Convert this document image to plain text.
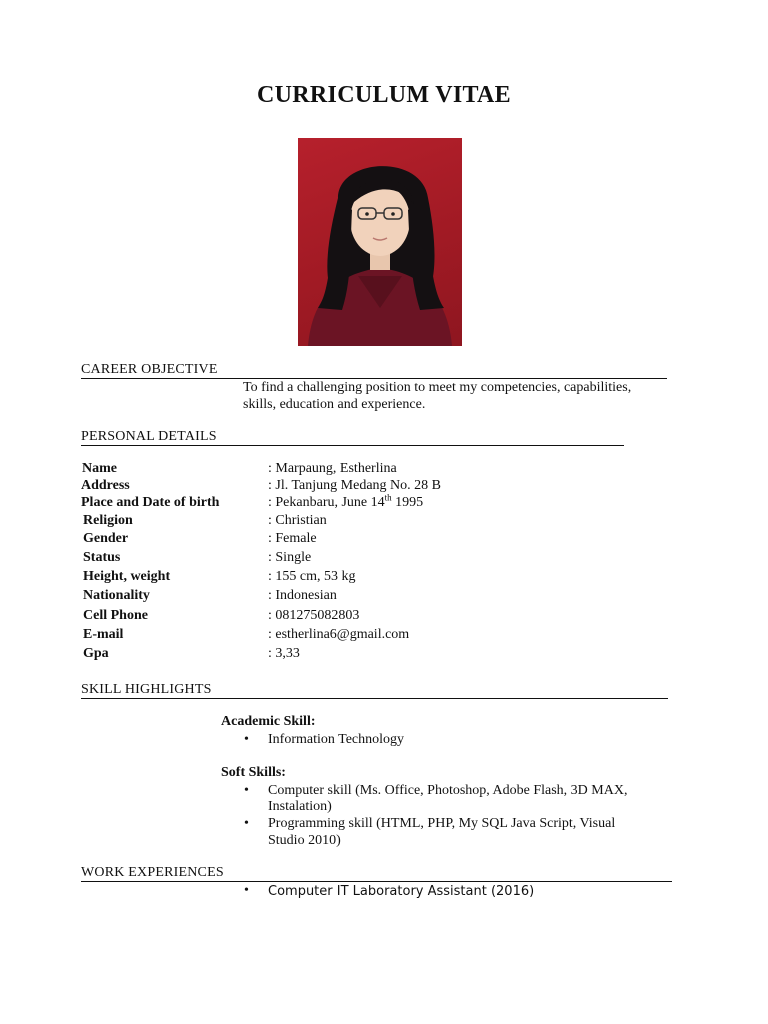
CURRICULUM VITAE
CAREER OBJECTIVE
To find a challenging position to meet my competencies, capabilities,
skills, education and experience.
PERSONAL DETAILS
Name	: Marpaung, Estherlina
Address	: Jl. Tanjung Medang No. 28 B
Place and Date of birth	: Pekanbaru, June 14th 1995
Religion	: Christian
Gender	: Female
Status	: Single
Height, weight	: 155 cm, 53 kg
Nationality	: Indonesian
Cell Phone	: 081275082803
E-mail	: estherlina6@gmail.com
Gpa	: 3,33
SKILL HIGHLIGHTS
Academic Skill:
• Information Technology
Soft Skills:
• Computer skill (Ms. Office, Photoshop, Adobe Flash, 3D MAX,
Instalation)
• Programming skill (HTML, PHP, My SQL Java Script, Visual
Studio 2010)
WORK EXPERIENCES
• Computer IT Laboratory Assistant (2016)
